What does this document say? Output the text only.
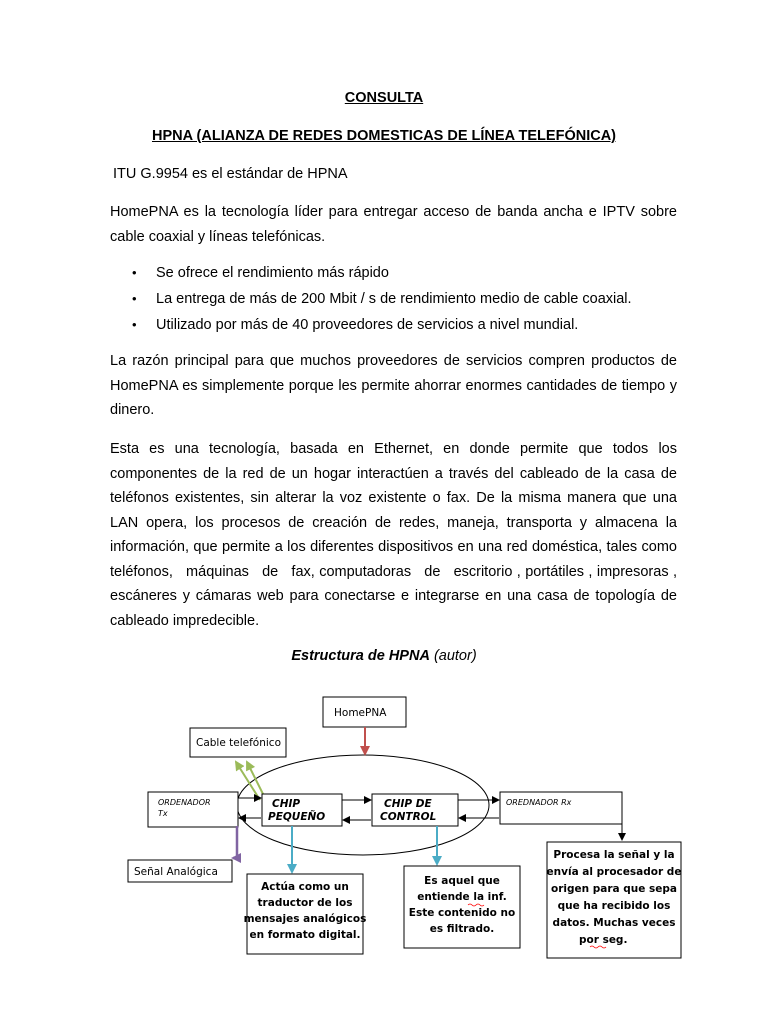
CONSULTA
HPNA (ALIANZA DE REDES DOMESTICAS DE LÍNEA TELEFÓNICA)
ITU G.9954 es el estándar de HPNA
HomePNA es la tecnología líder para entregar acceso de banda ancha e IPTV sobre
cable coaxial y líneas telefónicas.
• Se ofrece el rendimiento más rápido
• La entrega de más de 200 Mbit / s de rendimiento medio de cable coaxial.
• Utilizado por más de 40 proveedores de servicios a nivel mundial.
La razón principal para que muchos proveedores de servicios compren productos de
HomePNA es simplemente porque les permite ahorrar enormes cantidades de tiempo y
dinero.
Esta es una tecnología, basada en Ethernet, en donde permite que todos los
componentes de la red de un hogar interactúen a través del cableado de la casa de
teléfonos existentes, sin alterar la voz existente o fax. De la misma manera que una
LAN opera, los procesos de creación de redes, maneja, transporta y almacena la
información, que permite a los diferentes dispositivos en una red doméstica, tales como
teléfonos,   máquinas   de   fax, computadoras   de   escritorio , portátiles , impresoras ,
escáneres y cámaras web para conectarse e integrarse en una casa de topología de
cableado impredecible.
Estructura de HPNA (autor)
HomePNA
Cable telefónico
ORDENADOR
Tx
CHIP
PEQUEÑO
CHIP DE
CONTROL
OREDNADOR Rx
Señal Analógica
Actúa como un
traductor de los
mensajes analógicos
en formato digital.
Es aquel que
entiende la inf.
Este contenido no
es filtrado.
Procesa la señal y la
envía al procesador de
origen para que sepa
que ha recibido los
datos. Muchas veces
por seg.
